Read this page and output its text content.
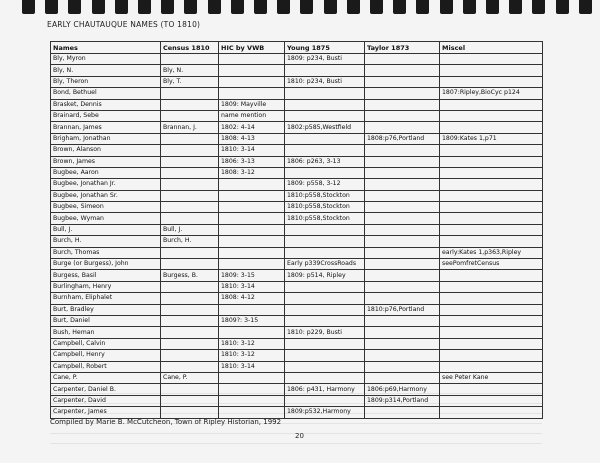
EARLY CHAUTAUQUE NAMES (TO 1810)
Names	Census 1810	HIC by VWB	Young 1875	Taylor 1873	Miscel
Bly, Myron			1809: p234, Busti		
Bly, N.	Bly, N.				
Bly, Theron	Bly, T.		1810: p234, Busti		
Bond, Bethuel					1807:Ripley,BioCyc p124
Brasket, Dennis		1809: Mayville			
Brainard, Sebe		name mention			
Brannan, James	Brannan, J.	1802: 4-14	1802:p585,Westfield		
Brigham, Jonathan		1808: 4-13		1808:p76,Portland	1809:Kates 1,p71
Brown, Alanson		1810: 3-14			
Brown, James		1806: 3-13	1806: p263, 3-13		
Bugbee, Aaron		1808: 3-12			
Bugbee, Jonathan Jr.			1809: p558, 3-12		
Bugbee, Jonathan Sr.			1810:p558,Stockton		
Bugbee, Simeon			1810:p558,Stockton		
Bugbee, Wyman			1810:p558,Stockton		
Bull, J.	Bull, J.				
Burch, H.	Burch, H.				
Burch, Thomas					early:Kates 1,p363,Ripley
Burge (or Burgess), John			Early p339CrossRoads		seePomfretCensus
Burgess, Basil	Burgess, B.	1809: 3-15	1809: p514, Ripley		
Burlingham, Henry		1810: 3-14			
Burnham, Eliphalet		1808: 4-12			
Burt, Bradley				1810:p76,Portland	
Burt, Daniel		1809?: 3-15			
Bush, Heman			1810: p229, Busti		
Campbell, Calvin		1810: 3-12			
Campbell, Henry		1810: 3-12			
Campbell, Robert		1810: 3-14			
Cane, P.	Cane, P.				see Peter Kane
Carpenter, Daniel B.			1806: p431, Harmony	1806:p69,Harmony	
Carpenter, David				1809:p314,Portland	
Carpenter, James			1809:p532,Harmony		
Compiled by Marie B. McCutcheon, Town of Ripley Historian, 1992
20
